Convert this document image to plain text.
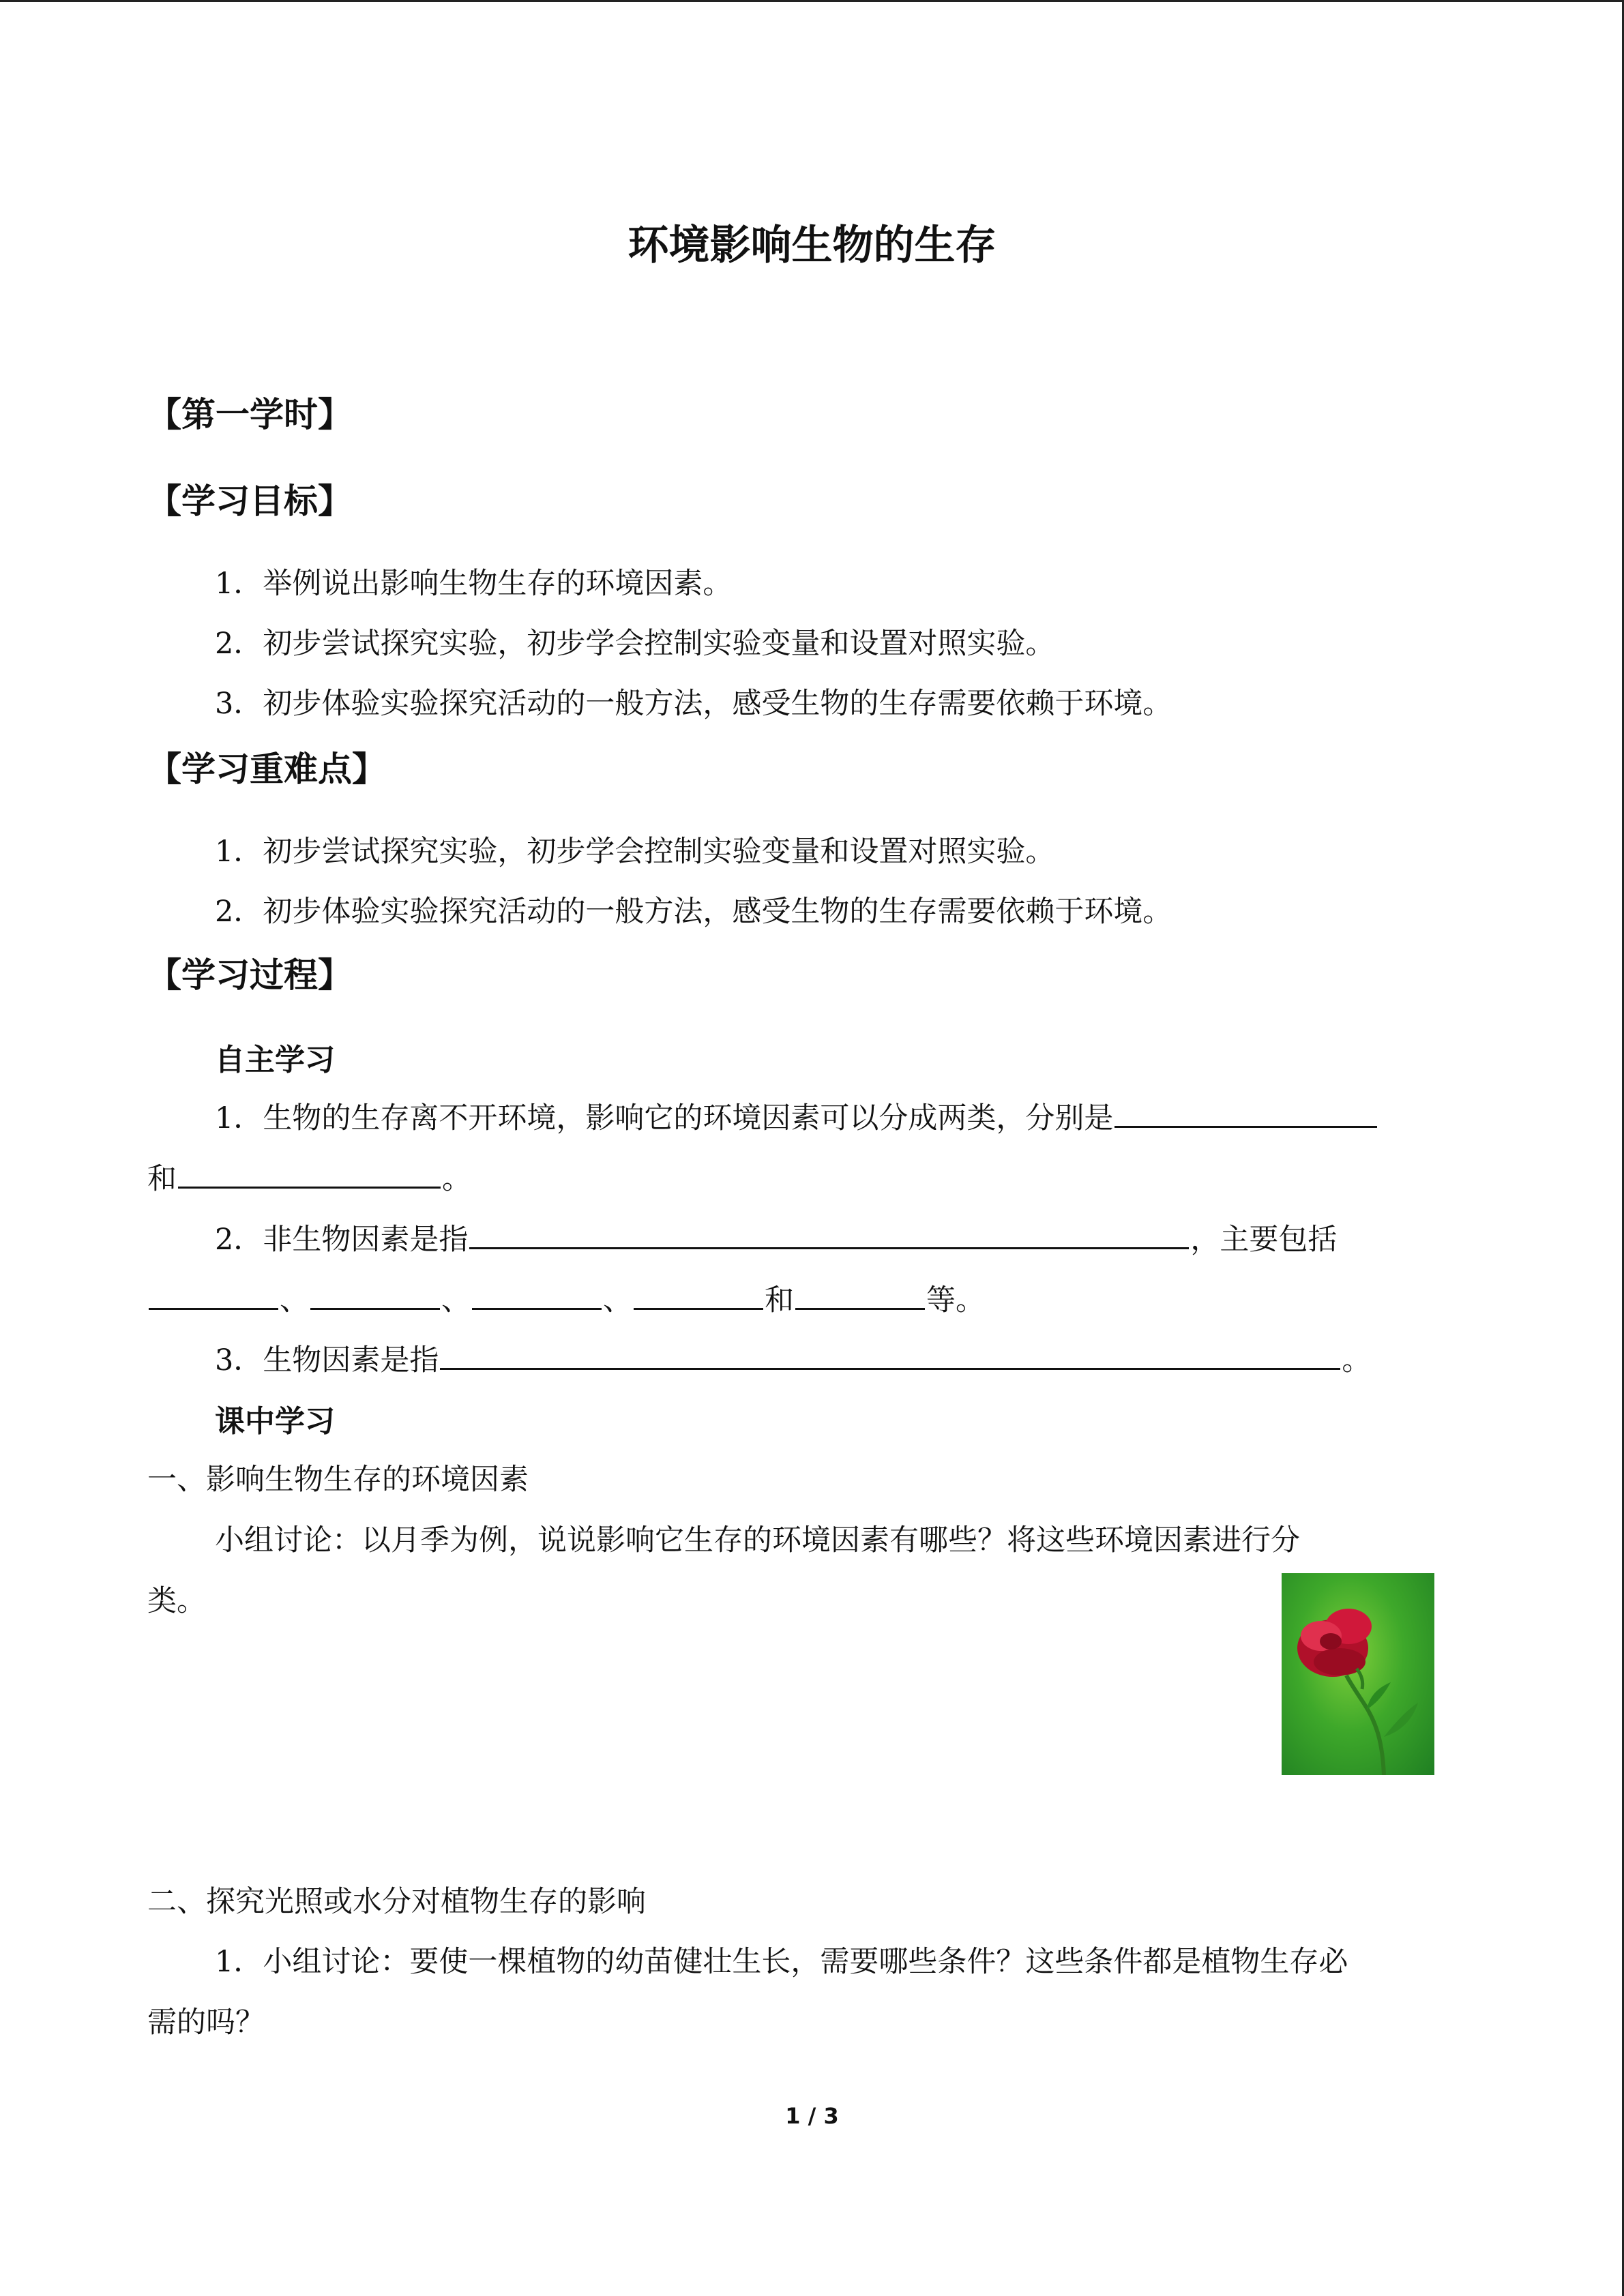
环境影响生物的生存
【第一学时】
【学习目标】
1．举例说出影响生物生存的环境因素。
2．初步尝试探究实验，初步学会控制实验变量和设置对照实验。
3．初步体验实验探究活动的一般方法，感受生物的生存需要依赖于环境。
【学习重难点】
1．初步尝试探究实验，初步学会控制实验变量和设置对照实验。
2．初步体验实验探究活动的一般方法，感受生物的生存需要依赖于环境。
【学习过程】
自主学习
1．生物的生存离不开环境，影响它的环境因素可以分成两类，分别是
和	。
2．非生物因素是指	，主要包括
、	、	、	和	等。
3．生物因素是指	。
课中学习
一、影响生物生存的环境因素
小组讨论：以月季为例，说说影响它生存的环境因素有哪些？将这些环境因素进行分
类。
二、探究光照或水分对植物生存的影响
1．小组讨论：要使一棵植物的幼苗健壮生长，需要哪些条件？这些条件都是植物生存必
需的吗？
1 / 3
